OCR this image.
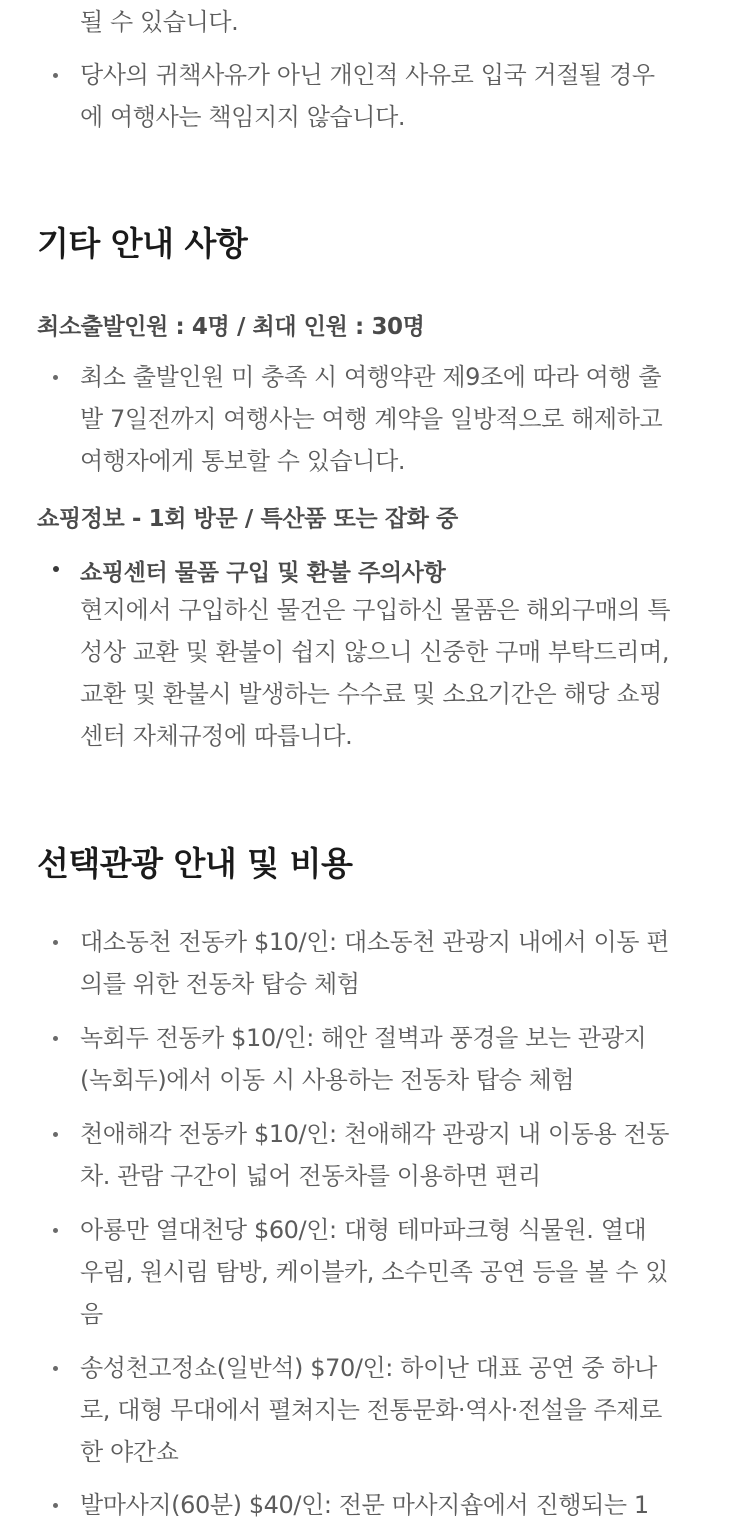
될 수 있습니다.
당사의 귀책사유가 아닌 개인적 사유로 입국 거절될 경우
에 여행사는 책임지지 않습니다.
기타 안내 사항
최소출발인원 : 4명 / 최대 인원 : 30명
최소 출발인원 미 충족 시 여행약관 제9조에 따라 여행 출
발 7일전까지 여행사는 여행 계약을 일방적으로 해제하고
여행자에게 통보할 수 있습니다.
쇼핑정보 - 1회 방문 / 특산품 또는 잡화 중
쇼핑센터 물품 구입 및 환불 주의사항
현지에서 구입하신 물건은 구입하신 물품은 해외구매의 특
성상 교환 및 환불이 쉽지 않으니 신중한 구매 부탁드리며,
교환 및 환불시 발생하는 수수료 및 소요기간은 해당 쇼핑
센터 자체규정에 따릅니다.
선택관광 안내 및 비용
대소동천 전동카 $10/인: 대소동천 관광지 내에서 이동 편
의를 위한 전동차 탑승 체험
녹회두 전동카 $10/인: 해안 절벽과 풍경을 보는 관광지
(녹회두)에서 이동 시 사용하는 전동차 탑승 체험
천애해각 전동카 $10/인: 천애해각 관광지 내 이동용 전동
차. 관람 구간이 넓어 전동차를 이용하면 편리
아룡만 열대천당 $60/인: 대형 테마파크형 식물원. 열대
우림, 원시림 탐방, 케이블카, 소수민족 공연 등을 볼 수 있
음
송성천고정쇼(일반석) $70/인: 하이난 대표 공연 중 하나
로, 대형 무대에서 펼쳐지는 전통문화·역사·전설을 주제로
한 야간쇼
발마사지(60분) $40/인: 전문 마사지숍에서 진행되는 1
